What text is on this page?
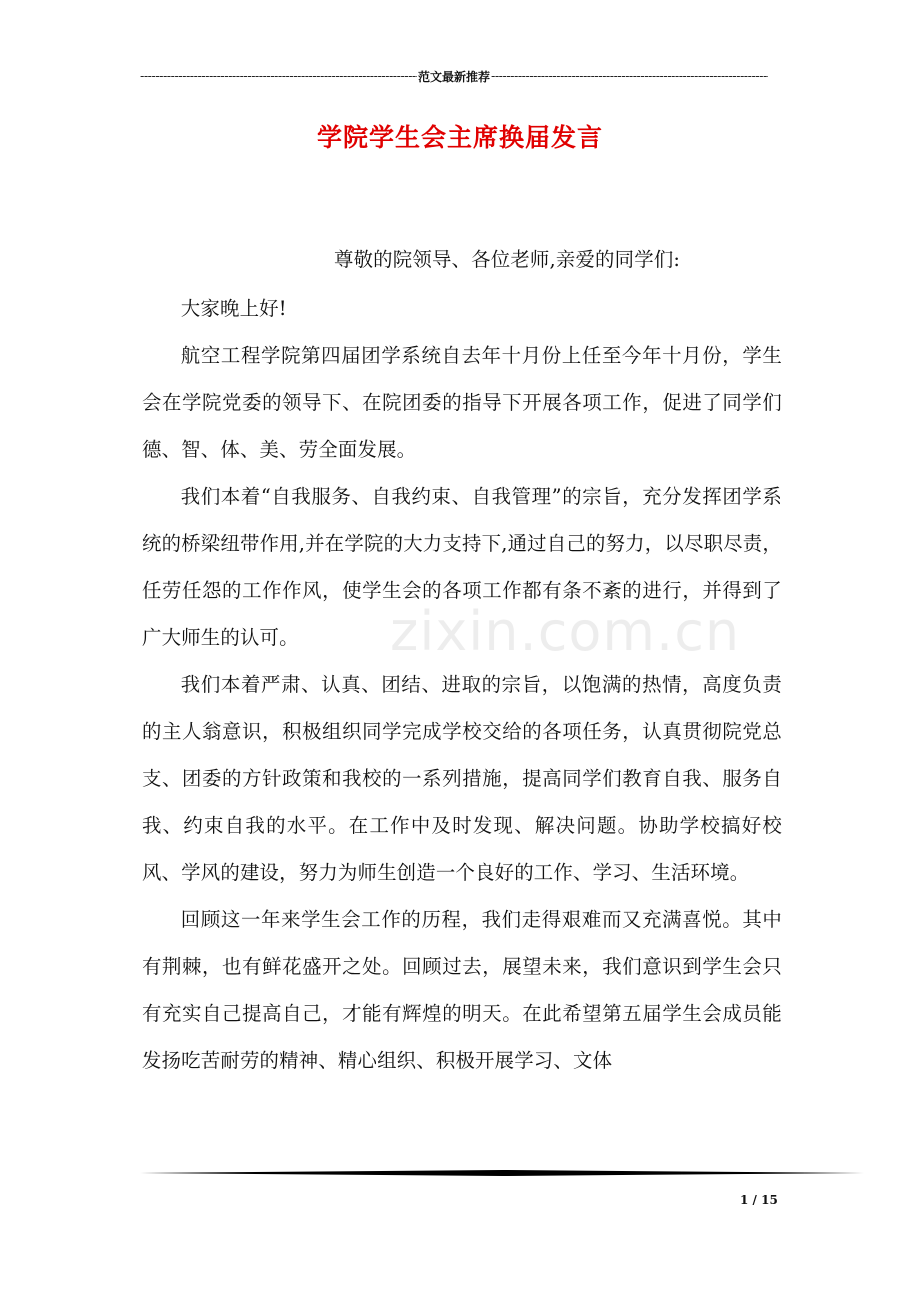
-----
范文最新推荐
-----
学院学生会主席换届发言
zixin.com.cn

尊敬的院领导、各位老师,亲爱的同学们:

大家晚上好!

航空工程学院第四届团学系统自去年十月份上任至今年十月份，学生会在学院党委的领导下、在院团委的指导下开展各项工作，促进了同学们德、智、体、美、劳全面发展。

我们本着“自我服务、自我约束、自我管理”的宗旨，充分发挥团学系统的桥梁纽带作用,并在学院的大力支持下,通过自己的努力，以尽职尽责，任劳任怨的工作作风，使学生会的各项工作都有条不紊的进行，并得到了广大师生的认可。

我们本着严肃、认真、团结、进取的宗旨，以饱满的热情，高度负责的主人翁意识，积极组织同学完成学校交给的各项任务，认真贯彻院党总支、团委的方针政策和我校的一系列措施，提高同学们教育自我、服务自我、约束自我的水平。在工作中及时发现、解决问题。协助学校搞好校风、学风的建设，努力为师生创造一个良好的工作、学习、生活环境。

回顾这一年来学生会工作的历程，我们走得艰难而又充满喜悦。其中有荆棘，也有鲜花盛开之处。回顾过去，展望未来，我们意识到学生会只有充实自己提高自己，才能有辉煌的明天。在此希望第五届学生会成员能发扬吃苦耐劳的精神、精心组织、积极开展学习、文体

1 / 15
